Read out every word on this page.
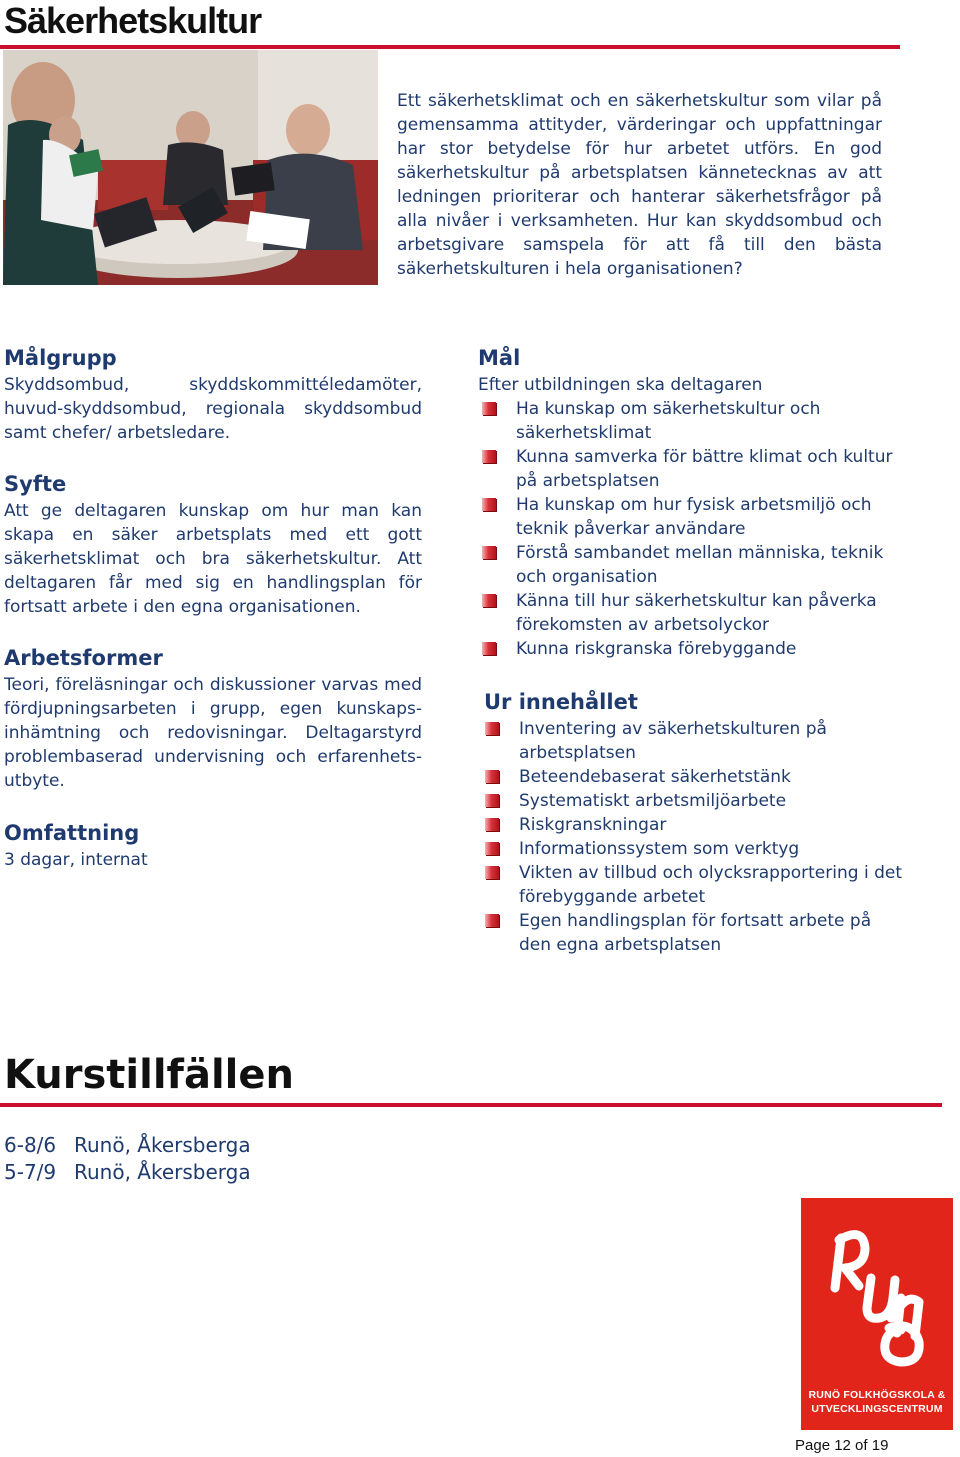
Säkerhetskultur

Ett säkerhetsklimat och en säkerhetskultur som vilar på gemensamma attityder, värderingar och uppfattningar har stor betydelse för hur arbetet utförs. En god säkerhetskultur på arbetsplatsen kännetecknas av att ledningen prioriterar och hanterar säkerhetsfrågor på alla nivåer i verksamheten. Hur kan skyddsombud och arbetsgivare samspela för att få till den bästa säkerhetskulturen i hela organisationen?

Målgrupp

Skyddsombud, skyddskommittéledamöter, huvud-skyddsombud, regionala skyddsombud samt chefer/ arbetsledare.

Syfte

Att ge deltagaren kunskap om hur man kan skapa en säker arbetsplats med ett gott säkerhetsklimat och bra säkerhetskultur. Att deltagaren får med sig en handlingsplan för fortsatt arbete i den egna organisationen.

Arbetsformer

Teori, föreläsningar och diskussioner varvas med fördjupningsarbeten i grupp, egen kunskaps-inhämtning och redovisningar. Deltagarstyrd problembaserad undervisning och erfarenhets-utbyte.

Omfattning

3 dagar, internat

Mål

Efter utbildningen ska deltagaren

Ha kunskap om säkerhetskultur och säkerhetsklimat
Kunna samverka för bättre klimat och kultur på arbetsplatsen
Ha kunskap om hur fysisk arbetsmiljö och teknik påverkar användare
Förstå sambandet mellan människa, teknik och organisation
Känna till hur säkerhetskultur kan påverka förekomsten av arbetsolyckor
Kunna riskgranska förebyggande
Ur innehållet
Inventering av säkerhetskulturen på arbetsplatsen
Beteendebaserat säkerhetstänk
Systematiskt arbetsmiljöarbete
Riskgranskningar
Informationssystem som verktyg
Vikten av tillbud och olycksrapportering i det förebyggande arbetet
Egen handlingsplan för fortsatt arbete på den egna arbetsplatsen
Kurstillfällen
6-8/6 Runö, Åkersberga
5-7/9 Runö, Åkersberga
RUNÖ FOLKHÖGSKOLA &
UTVECKLINGSCENTRUM
Page 12 of 19
